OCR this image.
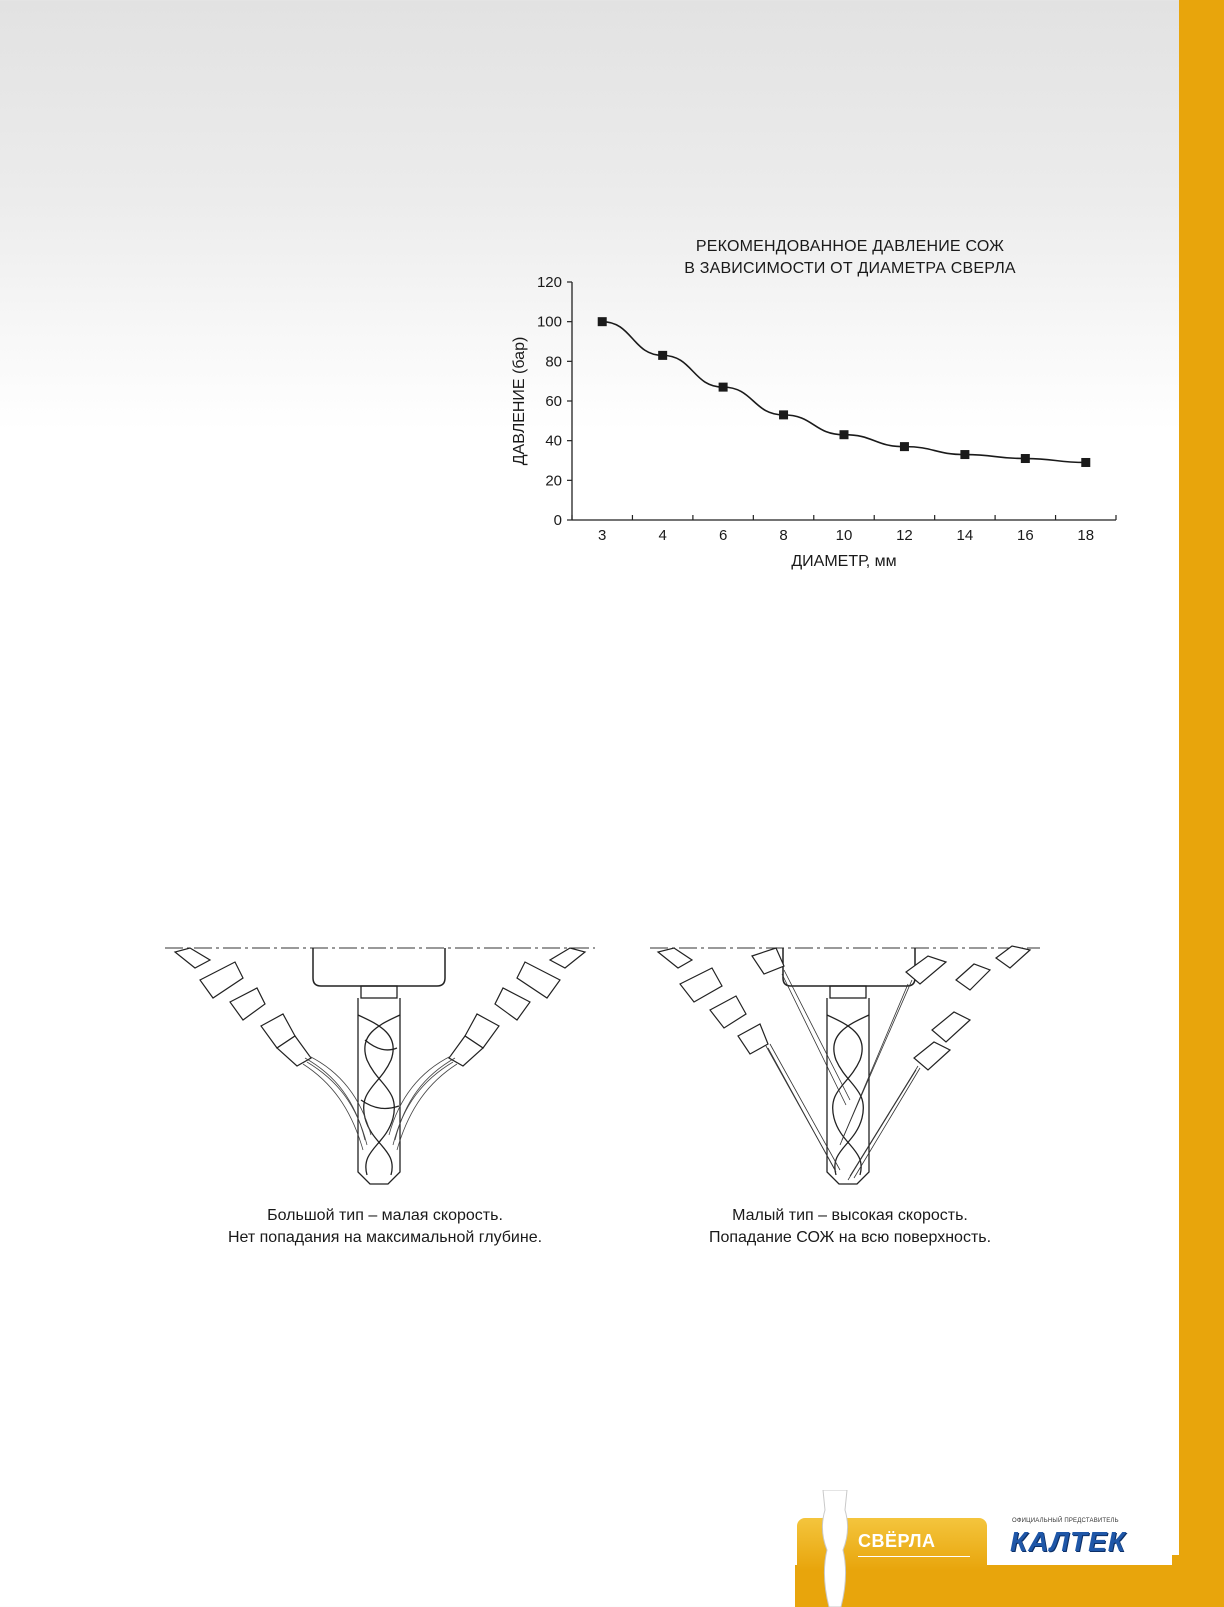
РЕКОМЕНДОВАННОЕ ДАВЛЕНИЕ СОЖ
В ЗАВИСИМОСТИ ОТ ДИАМЕТРА СВЕРЛА
0
20
40
60
80
100
120
3	4	6	8	10	12	14	16	18
ДИАМЕТР, мм
ДАВЛЕНИЕ (бар)
Большой тип – малая скорость.
Нет попадания на максимальной глубине.
Малый тип – высокая скорость.
Попадание СОЖ на всю поверхность.
СВЁРЛА
ОФИЦИАЛЬНЫЙ ПРЕДСТАВИТЕЛЬ
КАЛТЕК
